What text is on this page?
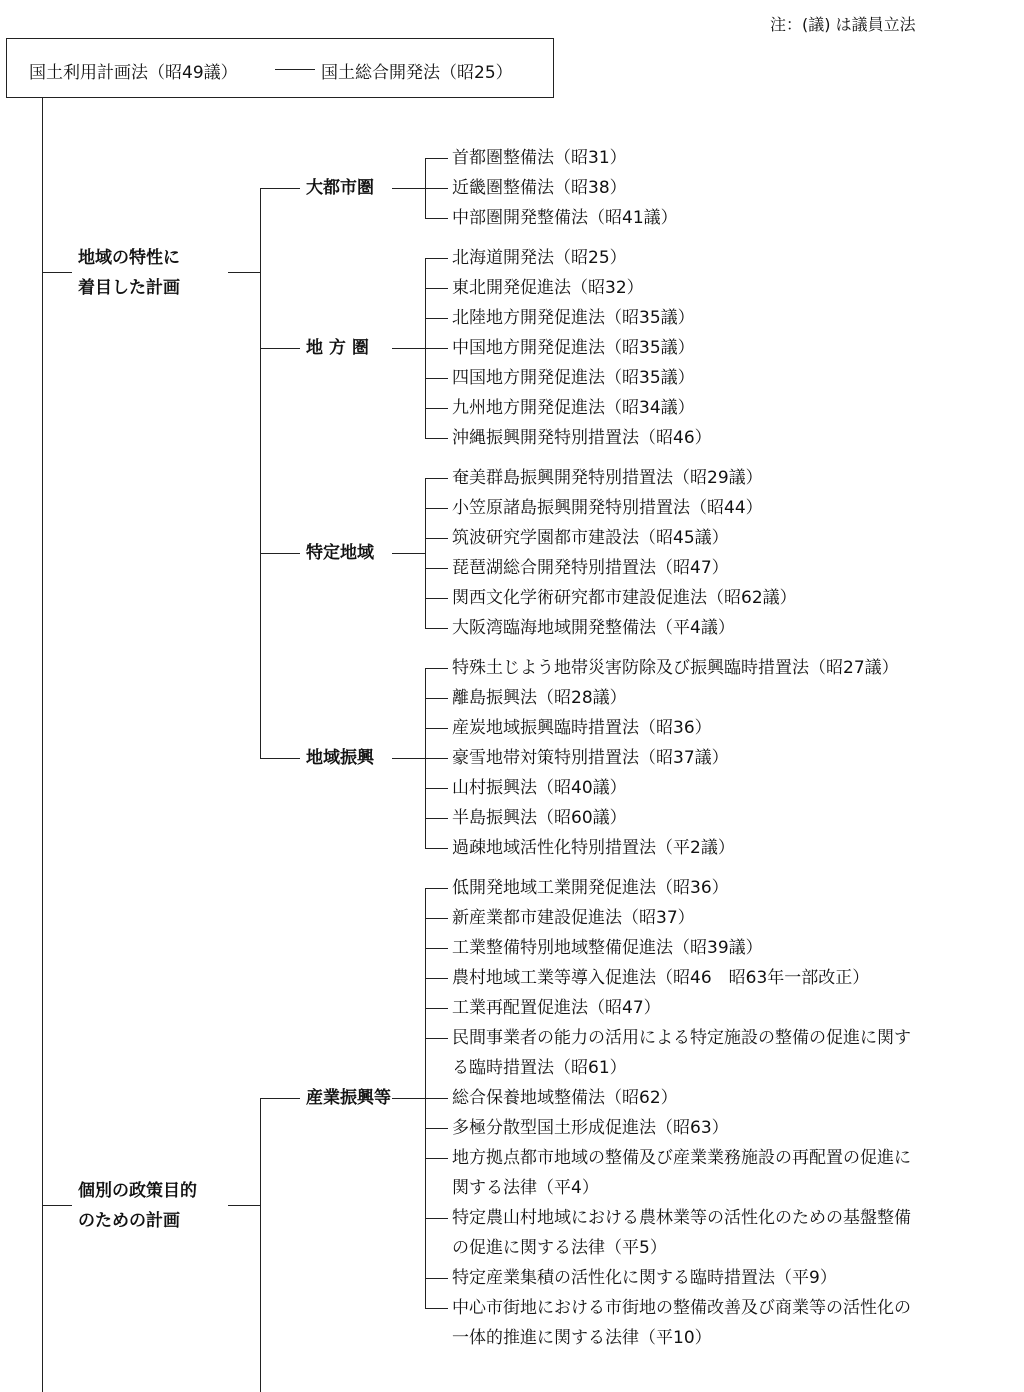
注：(議) は議員立法
国土利用計画法（昭49議）	国土総合開発法（昭25）
首都圏整備法（昭31）
近畿圏整備法（昭38）
中部圏開発整備法（昭41議）
大都市圏
北海道開発法（昭25）
東北開発促進法（昭32）
北陸地方開発促進法（昭35議）
中国地方開発促進法（昭35議）
四国地方開発促進法（昭35議）
九州地方開発促進法（昭34議）
沖縄振興開発特別措置法（昭46）
地 方 圏
奄美群島振興開発特別措置法（昭29議）
小笠原諸島振興開発特別措置法（昭44）
筑波研究学園都市建設法（昭45議）
琵琶湖総合開発特別措置法（昭47）
関西文化学術研究都市建設促進法（昭62議）
大阪湾臨海地域開発整備法（平4議）
特定地域
特殊土じよう地帯災害防除及び振興臨時措置法（昭27議）
離島振興法（昭28議）
産炭地域振興臨時措置法（昭36）
豪雪地帯対策特別措置法（昭37議）
山村振興法（昭40議）
半島振興法（昭60議）
過疎地域活性化特別措置法（平2議）
地域振興
地域の特性に
着目した計画
低開発地域工業開発促進法（昭36）
新産業都市建設促進法（昭37）
工業整備特別地域整備促進法（昭39議）
農村地域工業等導入促進法（昭46　昭63年一部改正）
工業再配置促進法（昭47）
民間事業者の能力の活用による特定施設の整備の促進に関す
る臨時措置法（昭61）
総合保養地域整備法（昭62）
多極分散型国土形成促進法（昭63）
地方拠点都市地域の整備及び産業業務施設の再配置の促進に
関する法律（平4）
特定農山村地域における農林業等の活性化のための基盤整備
の促進に関する法律（平5）
特定産業集積の活性化に関する臨時措置法（平9）
中心市街地における市街地の整備改善及び商業等の活性化の
一体的推進に関する法律（平10）
産業振興等
個別の政策目的
のための計画
